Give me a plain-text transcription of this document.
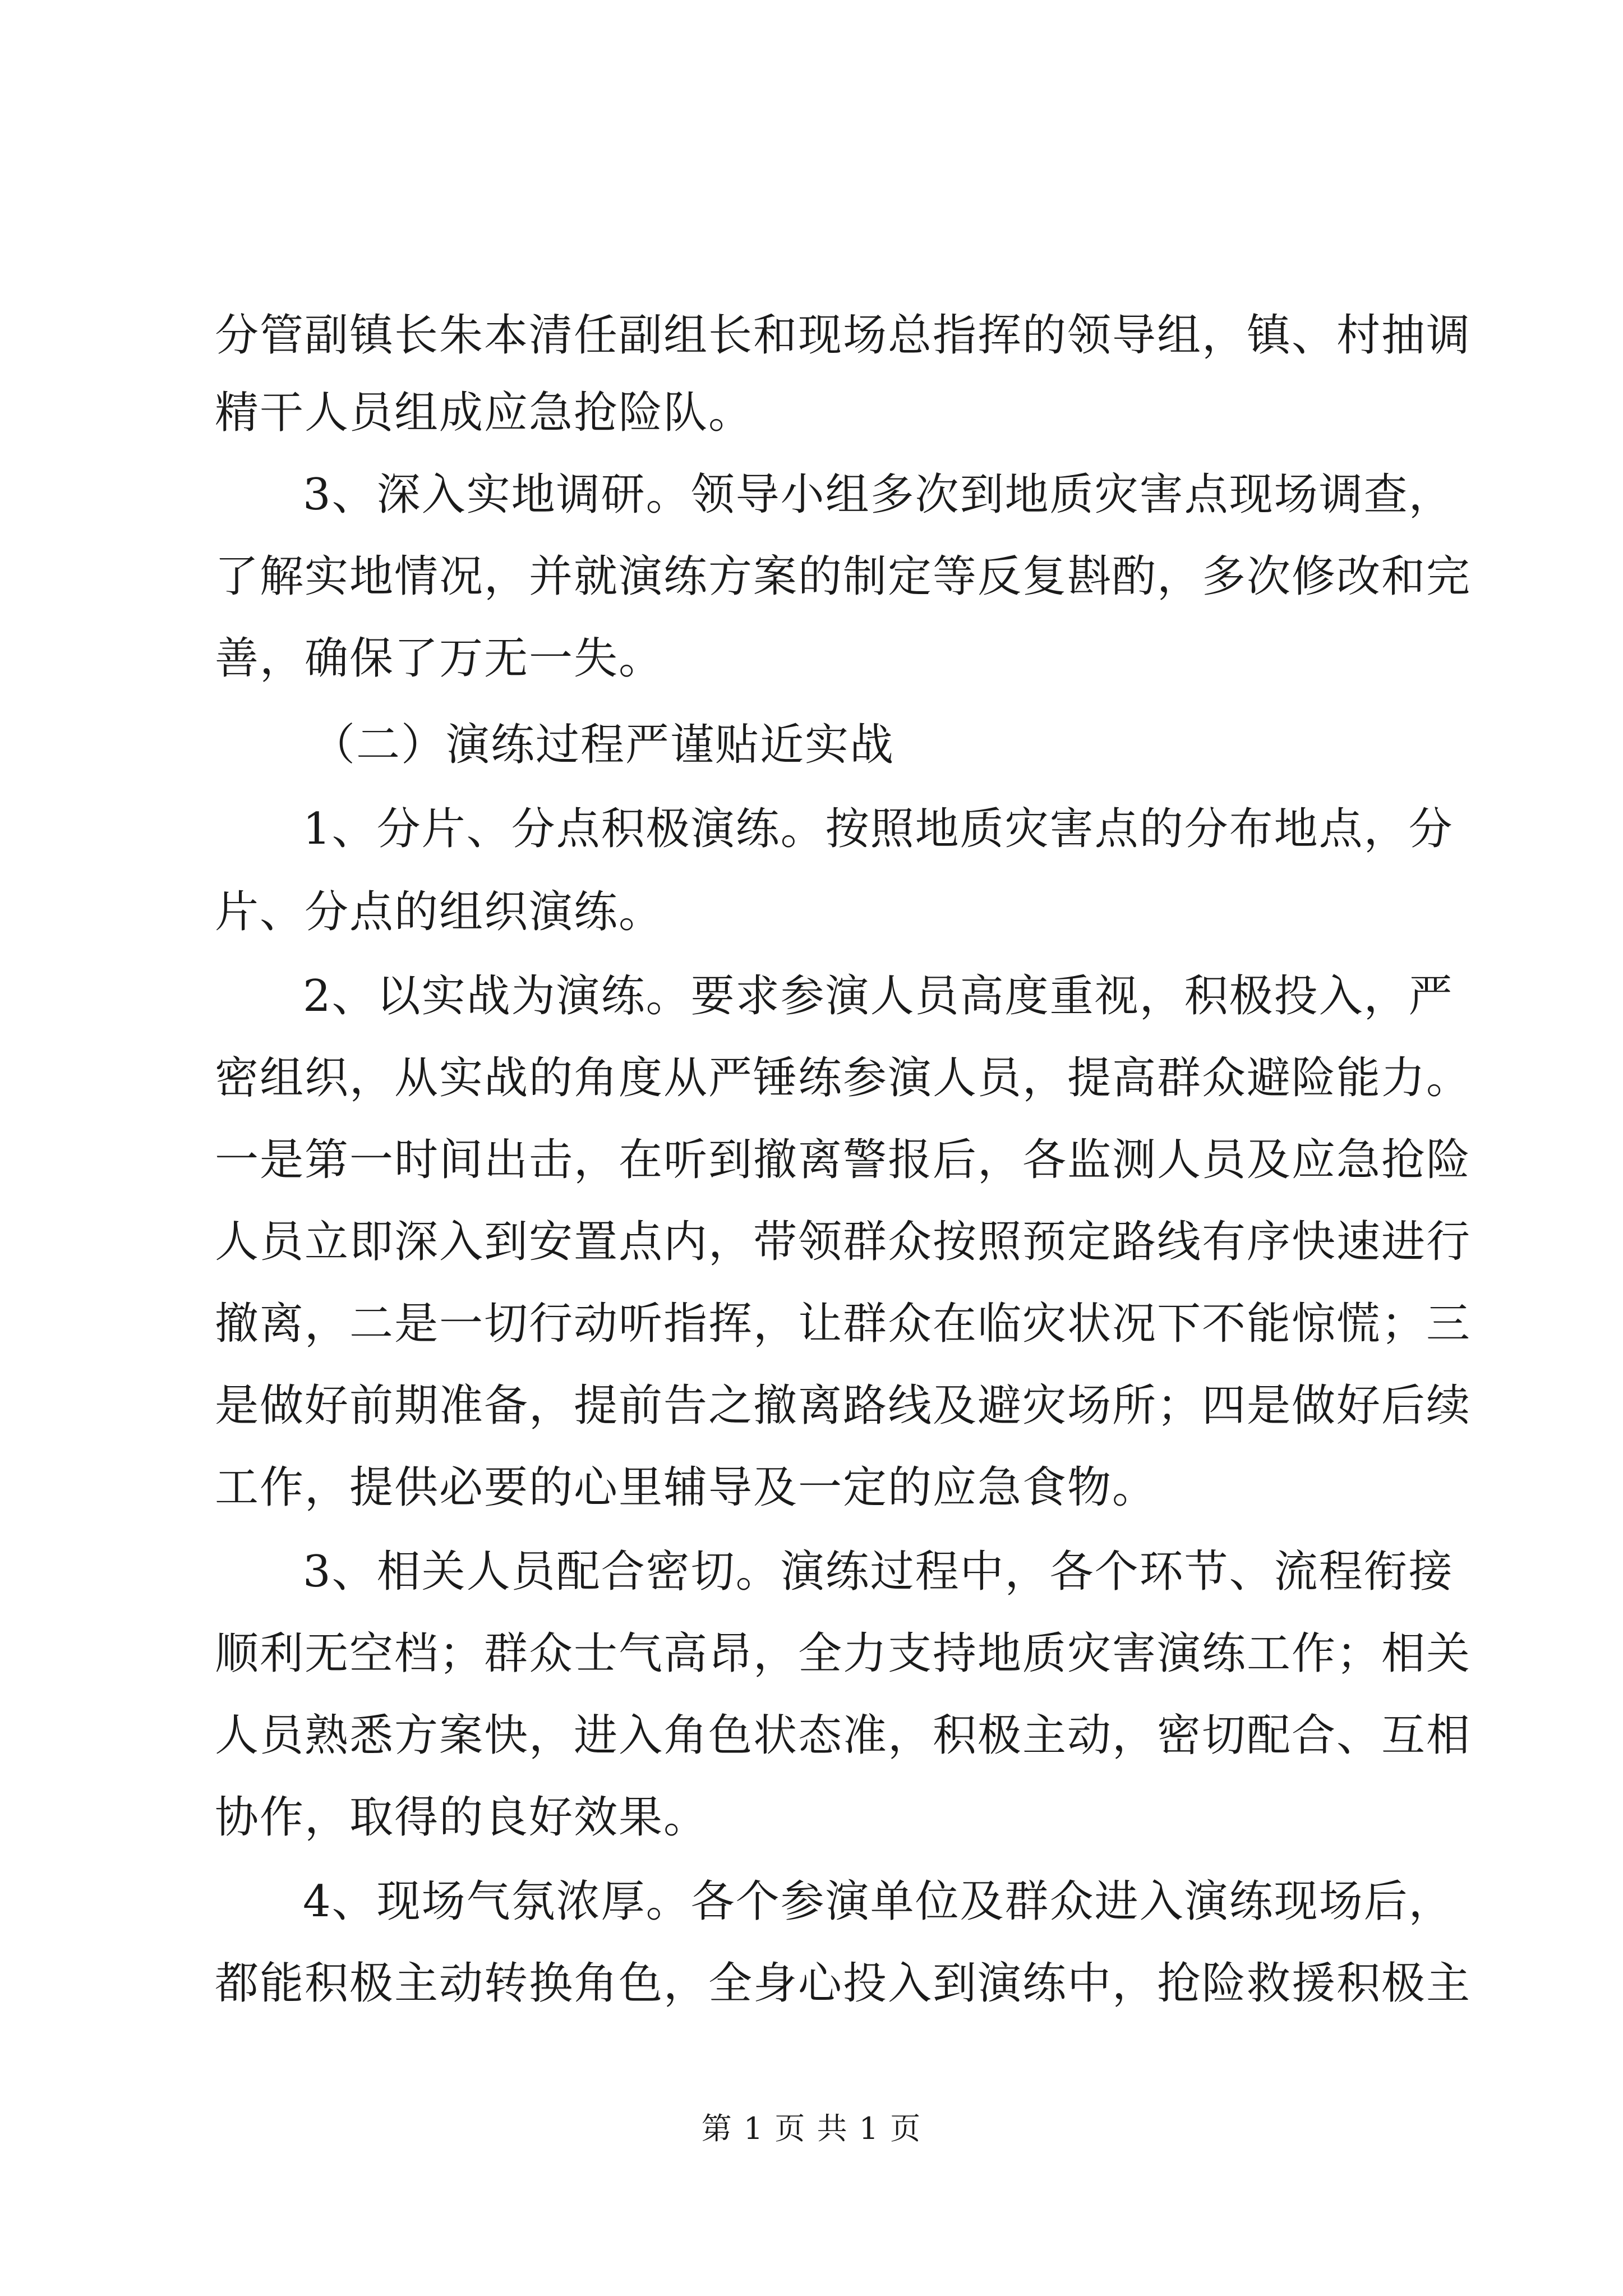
分管副镇长朱本清任副组长和现场总指挥的领导组，镇、村抽调
精干人员组成应急抢险队。
3、深入实地调研。领导小组多次到地质灾害点现场调查，
了解实地情况，并就演练方案的制定等反复斟酌，多次修改和完
善，确保了万无一失。
（二）演练过程严谨贴近实战
1、分片、分点积极演练。按照地质灾害点的分布地点，分
片、分点的组织演练。
2、以实战为演练。要求参演人员高度重视，积极投入，严
密组织，从实战的角度从严锤练参演人员，提高群众避险能力。
一是第一时间出击，在听到撤离警报后，各监测人员及应急抢险
人员立即深入到安置点内，带领群众按照预定路线有序快速进行
撤离，二是一切行动听指挥，让群众在临灾状况下不能惊慌；三
是做好前期准备，提前告之撤离路线及避灾场所；四是做好后续
工作，提供必要的心里辅导及一定的应急食物。
3、相关人员配合密切。演练过程中，各个环节、流程衔接
顺利无空档；群众士气高昂，全力支持地质灾害演练工作；相关
人员熟悉方案快，进入角色状态准，积极主动，密切配合、互相
协作，取得的良好效果。
4、现场气氛浓厚。各个参演单位及群众进入演练现场后，
都能积极主动转换角色，全身心投入到演练中，抢险救援积极主
第 1 页 共 1 页
